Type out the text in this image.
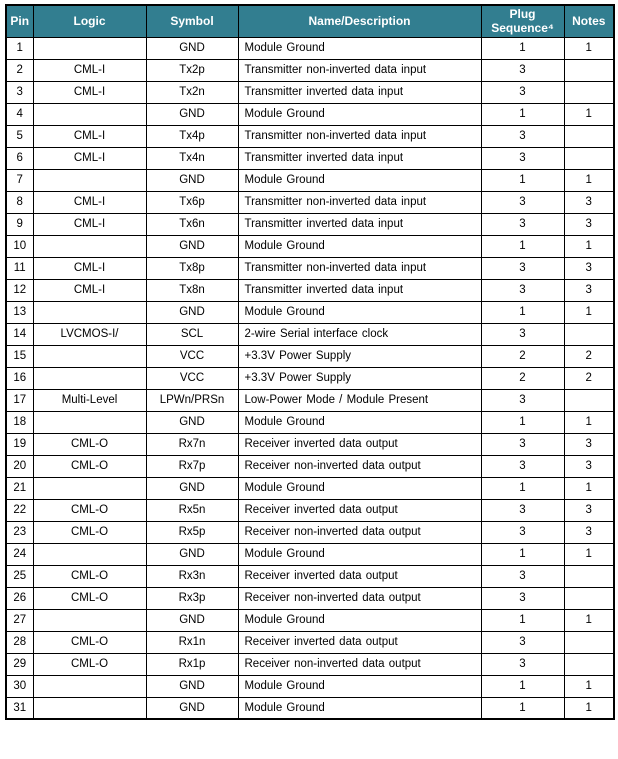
Pin	Logic	Symbol	Name/Description	Plug Sequence⁴	Notes
1		GND	Module Ground	1	1
2	CML-I	Tx2p	Transmitter non-inverted data input	3	
3	CML-I	Tx2n	Transmitter inverted data input	3	
4		GND	Module Ground	1	1
5	CML-I	Tx4p	Transmitter non-inverted data input	3	
6	CML-I	Tx4n	Transmitter inverted data input	3	
7		GND	Module Ground	1	1
8	CML-I	Tx6p	Transmitter non-inverted data input	3	3
9	CML-I	Tx6n	Transmitter inverted data input	3	3
10		GND	Module Ground	1	1
11	CML-I	Tx8p	Transmitter non-inverted data input	3	3
12	CML-I	Tx8n	Transmitter inverted data input	3	3
13		GND	Module Ground	1	1
14	LVCMOS-I/	SCL	2-wire Serial interface clock	3	
15		VCC	+3.3V Power Supply	2	2
16		VCC	+3.3V Power Supply	2	2
17	Multi-Level	LPWn/PRSn	Low-Power Mode / Module Present	3	
18		GND	Module Ground	1	1
19	CML-O	Rx7n	Receiver inverted data output	3	3
20	CML-O	Rx7p	Receiver non-inverted data output	3	3
21		GND	Module Ground	1	1
22	CML-O	Rx5n	Receiver inverted data output	3	3
23	CML-O	Rx5p	Receiver non-inverted data output	3	3
24		GND	Module Ground	1	1
25	CML-O	Rx3n	Receiver inverted data output	3	
26	CML-O	Rx3p	Receiver non-inverted data output	3	
27		GND	Module Ground	1	1
28	CML-O	Rx1n	Receiver inverted data output	3	
29	CML-O	Rx1p	Receiver non-inverted data output	3	
30		GND	Module Ground	1	1
31		GND	Module Ground	1	1
